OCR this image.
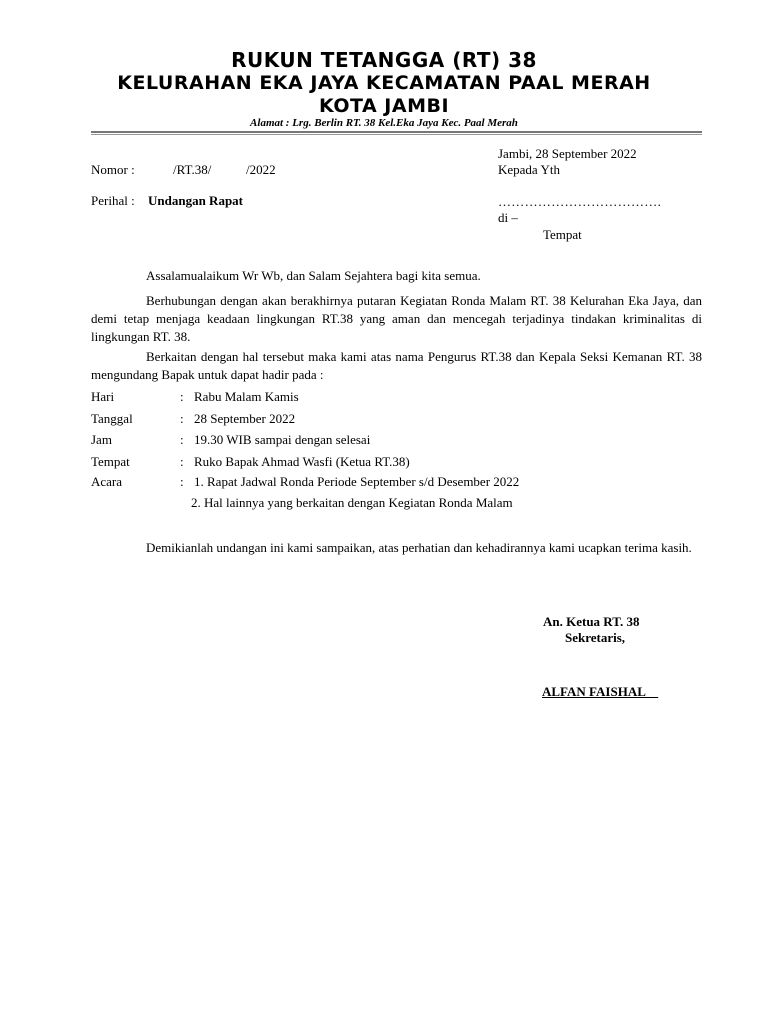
RUKUN TETANGGA (RT) 38
KELURAHAN EKA JAYA KECAMATAN PAAL MERAH
KOTA JAMBI
Alamat : Lrg. Berlin RT. 38 Kel.Eka Jaya Kec. Paal Merah
Jambi, 28 September 2022
Nomor :	/RT.38/	/2022	Kepada Yth
Perihal : Undangan Rapat	……………………………….
di –
Tempat
Assalamualaikum Wr Wb, dan Salam Sejahtera bagi kita semua.
Berhubungan dengan akan berakhirnya putaran Kegiatan Ronda Malam RT. 38 Kelurahan Eka Jaya, dan demi tetap menjaga keadaan lingkungan RT.38 yang aman dan mencegah terjadinya tindakan kriminalitas di lingkungan RT. 38.
Berkaitan dengan hal tersebut maka kami atas nama Pengurus RT.38 dan Kepala Seksi Kemanan RT. 38 mengundang Bapak untuk dapat hadir pada :
Hari	: Rabu Malam Kamis
Tanggal	: 28 September 2022
Jam	: 19.30 WIB sampai dengan selesai
Tempat	: Ruko Bapak Ahmad Wasfi (Ketua RT.38)
Acara	: 1. Rapat Jadwal Ronda Periode September s/d Desember 2022
2. Hal lainnya yang berkaitan dengan Kegiatan Ronda Malam
Demikianlah undangan ini kami sampaikan, atas perhatian dan kehadirannya kami ucapkan terima kasih.
An. Ketua RT. 38
Sekretaris,
ALFAN FAISHAL
